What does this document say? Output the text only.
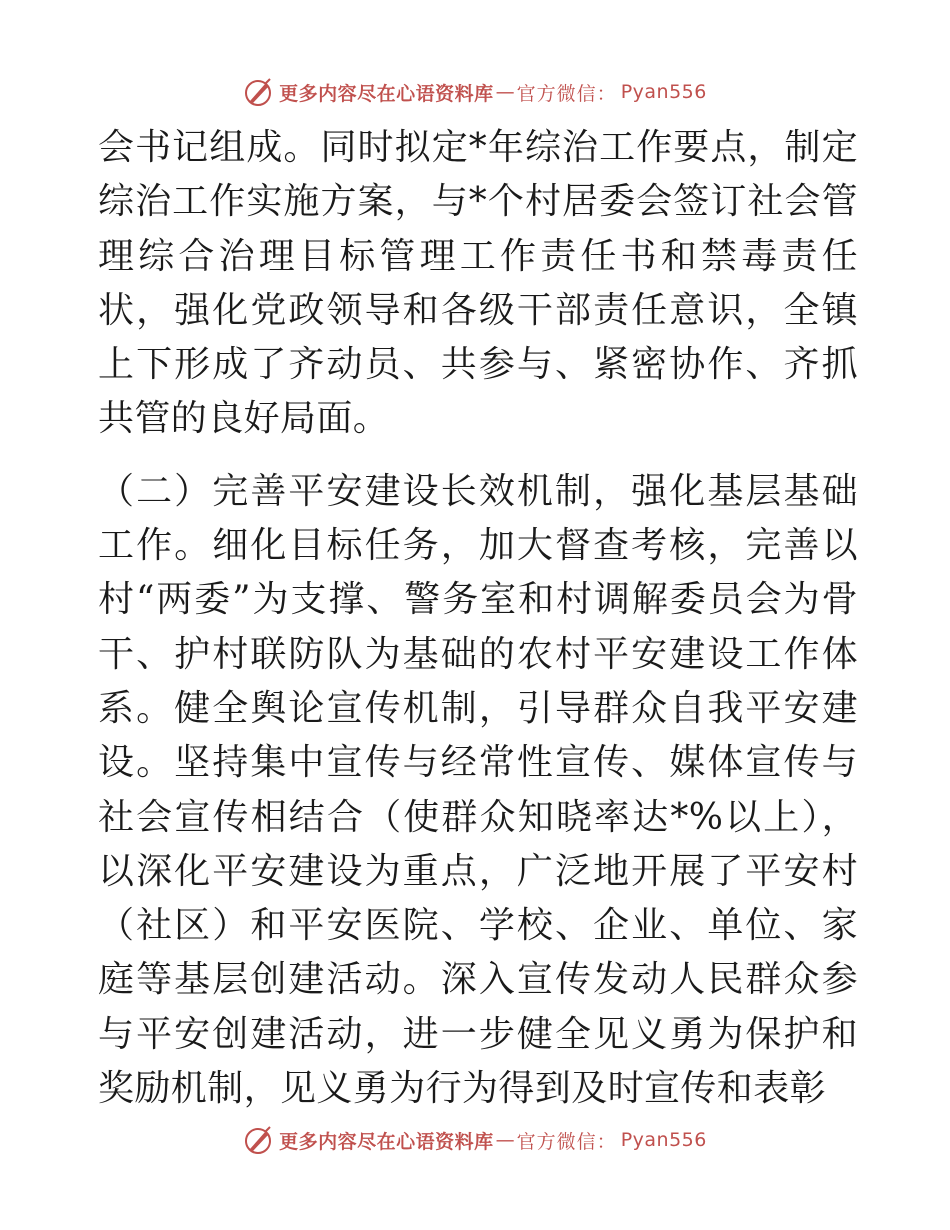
更多内容尽在心语资料库 — 官方微信： Pyan556

会书记组成。同时拟定*年综治工作要点，制定综治工作实施方案，与*个村居委会签订社会管理综合治理目标管理工作责任书和禁毒责任状，强化党政领导和各级干部责任意识，全镇上下形成了齐动员、共参与、紧密协作、齐抓共管的良好局面。

（二）完善平安建设长效机制，强化基层基础工作。细化目标任务，加大督查考核，完善以村“两委”为支撑、警务室和村调解委员会为骨干、护村联防队为基础的农村平安建设工作体系。健全舆论宣传机制，引导群众自我平安建设。坚持集中宣传与经常性宣传、媒体宣传与社会宣传相结合（使群众知晓率达*%以上），以深化平安建设为重点，广泛地开展了平安村（社区）和平安医院、学校、企业、单位、家庭等基层创建活动。深入宣传发动人民群众参与平安创建活动，进一步健全见义勇为保护和奖励机制，见义勇为行为得到及时宣传和表彰

更多内容尽在心语资料库 — 官方微信： Pyan556
